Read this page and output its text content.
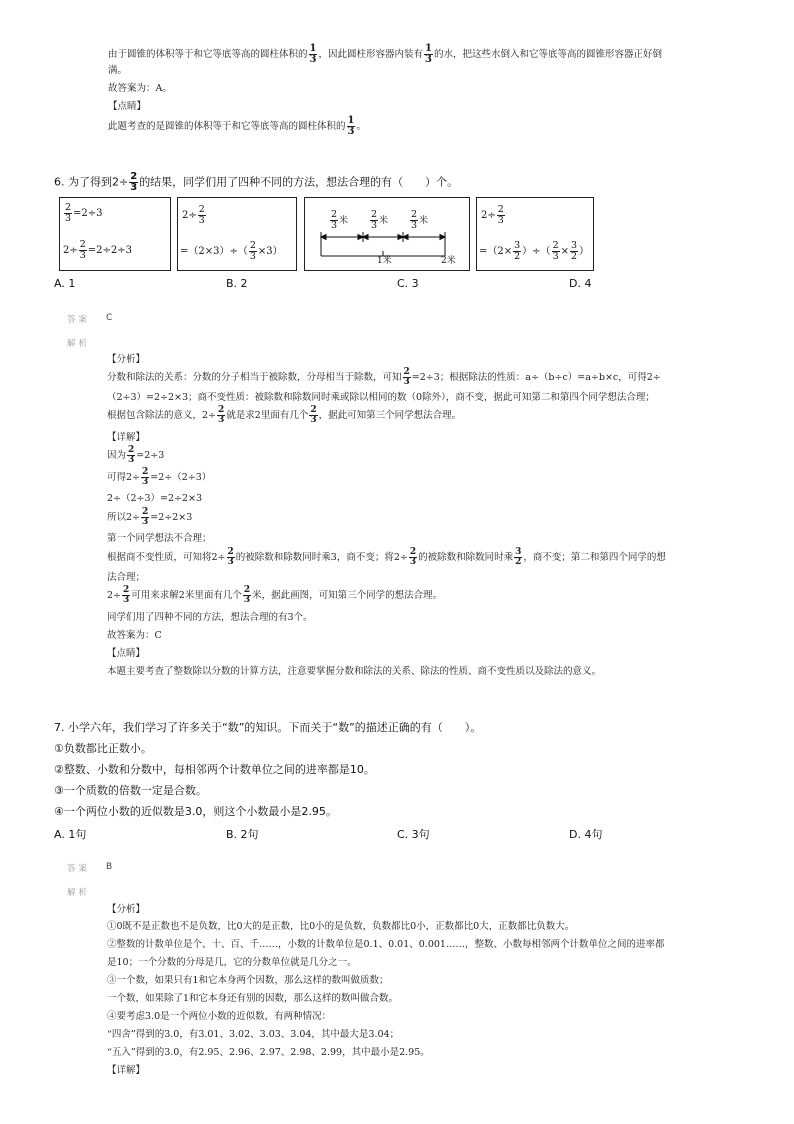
由于圆锥的体积等于和它等底等高的圆柱体积的 $\frac{1}{3}$ ，因此圆柱形容器内装有 $\frac{1}{3}$ 的水，把这些水倒入和它等底等高的圆锥形容器正好倒
满。
故答案为：A。
【点睛】
此题考查的是圆锥的体积等于和它等底等高的圆柱体积的 $\frac{1}{3}$ 。
6. 为了得到$2\div \frac{2}{3}$ 的结果，同学们用了四种不同的方法，想法合理的有（　　）个。
$\frac{2}{3} =2\div 3$
$2\div \frac{2}{3} =2\div 2\div 3$
$2\div \frac{2}{3}$
$=(2\times 3)\div( \frac{2}{3} \times 3)$
$\frac{2}{3}$ 米 $\frac{2}{3}$ 米 $\frac{2}{3}$ 米
1米	2米
$2\div \frac{2}{3}$
$=(2\times \frac{3}{2}$ ）÷（ $\frac{2}{3} \times \frac{3}{2}$ ）
A. 1	B. 2	C. 3	D. 4
答案 C
解析
【分析】
分数和除法的关系：分数的分子相当于被除数，分母相当于除数，可知 $\frac{2}{3} =2\div 3$；根据除法的性质：a÷（b÷c）=a÷b×c，可得2÷
（2÷3）=2÷2×3；商不变性质：被除数和除数同时乘或除以相同的数（0除外），商不变，据此可知第二和第四个同学想法合理；
根据包含除法的意义，$2\div \frac{2}{3}$ 就是求2里面有几个 $\frac{2}{3}$ ，据此可知第三个同学想法合理。
【详解】
因为 $\frac{2}{3} =2\div 3$
可得$2\div \frac{2}{3} =2\div(2\div 3)$
2÷（2÷3）=2÷2×3
所以$2\div \frac{2}{3} =2\div 2\times 3$
第一个同学想法不合理；
根据商不变性质，可知将$2\div \frac{2}{3}$ 的被除数和除数同时乘3，商不变；将$2\div \frac{2}{3}$ 的被除数和除数同时乘 $\frac{3}{2}$ ，商不变；第二和第四个同学的想
法合理；
$2\div \frac{2}{3}$ 可用来求解2米里面有几个 $\frac{2}{3}$ 米，据此画图，可知第三个同学的想法合理。
同学们用了四种不同的方法，想法合理的有3个。
故答案为：C
【点睛】
本题主要考查了整数除以分数的计算方法，注意要掌握分数和除法的关系、除法的性质、商不变性质以及除法的意义。
7. 小学六年，我们学习了许多关于“数”的知识。下而关于“数”的描述正确的有（　　）。
①负数都比正数小。
②整数、小数和分数中，每相邻两个计数单位之间的进率都是10。
③一个质数的倍数一定是合数。
④一个两位小数的近似数是3.0，则这个小数最小是2.95。
A. 1句	B. 2句	C. 3句	D. 4句
答案 B
解析
【分析】
①0既不是正数也不是负数，比0大的是正数，比0小的是负数，负数都比0小，正数都比0大，正数都比负数大。
②整数的计数单位是个、十、百、千……，小数的计数单位是0.1、0.01、0.001……，整数、小数每相邻两个计数单位之间的进率都
是10；一个分数的分母是几，它的分数单位就是几分之一。
③一个数，如果只有1和它本身两个因数，那么这样的数叫做质数；
一个数，如果除了1和它本身还有别的因数，那么这样的数叫做合数。
④要考虑3.0是一个两位小数的近似数，有两种情况：
“四舍”得到的3.0，有3.01、3.02、3.03、3.04，其中最大是3.04；
“五入”得到的3.0，有2.95、2.96、2.97、2.98、2.99，其中最小是2.95。
【详解】
